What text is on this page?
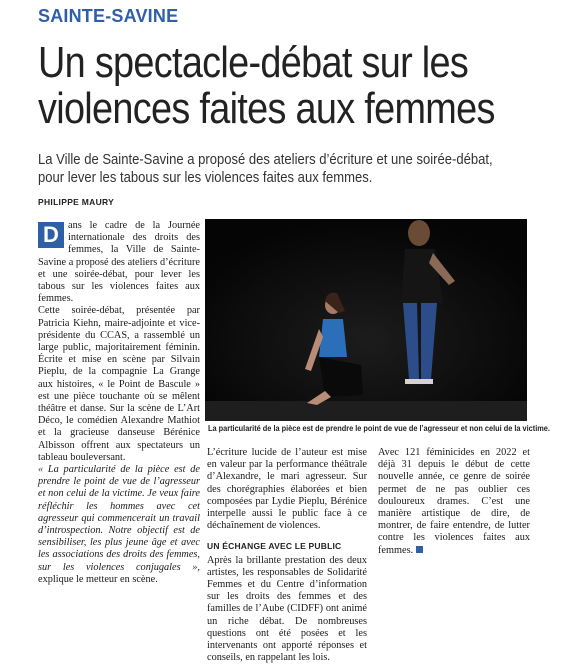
SAINTE-SAVINE
Un spectacle-débat sur les
violences faites aux femmes
La Ville de Sainte-Savine a proposé des ateliers d’écriture et une soirée-débat,
pour lever les tabous sur les violences faites aux femmes.
PHILIPPE MAURY

D ans le cadre de la Journée internationale des droits des femmes, la Ville de Sainte-Savine a proposé des ateliers d’écriture et une soirée-débat, pour lever les tabous sur les violences faites aux femmes.

Cette soirée-débat, présentée par Patricia Kiehn, maire-adjointe et vice-présidente du CCAS, a rassemblé un large public, majoritairement féminin. Écrite et mise en scène par Silvain Pieplu, de la compagnie La Grange aux histoires, « le Point de Bascule » est une pièce touchante où se mêlent théâtre et danse. Sur la scène de L’Art Déco, le comédien Alexandre Mathiot et la gracieuse danseuse Bérénice Albisson offrent aux spectateurs un tableau bouleversant.

« La particularité de la pièce est de prendre le point de vue de l’agresseur et non celui de la victime. Je veux faire réfléchir les hommes avec cet agresseur qui commencerait un travail d’introspection. Notre objectif est de sensibiliser, les plus jeune âge et avec les associations des droits des femmes, sur les violences conjugales », explique le metteur en scène.

La particularité de la pièce est de prendre le point de vue de l’agresseur et non celui de la victime.

L’écriture lucide de l’auteur est mise en valeur par la performance théâtrale d’Alexandre, le mari agresseur. Sur des chorégraphies élaborées et bien composées par Lydie Pieplu, Bérénice interpelle aussi le public face à ce déchaînement de violences.

UN ÉCHANGE AVEC LE PUBLIC

Après la brillante prestation des deux artistes, les responsables de Solidarité Femmes et du Centre d’information sur les droits des femmes et des familles de l’Aube (CIDFF) ont animé un riche débat. De nombreuses questions ont été posées et les intervenants ont apporté réponses et conseils, en rappelant les lois.

Avec 121 féminicides en 2022 et déjà 31 depuis le début de cette nouvelle année, ce genre de soirée permet de ne pas oublier ces douloureux drames. C’est une manière artistique de dire, de montrer, de faire entendre, de lutter contre les violences faites aux femmes.
